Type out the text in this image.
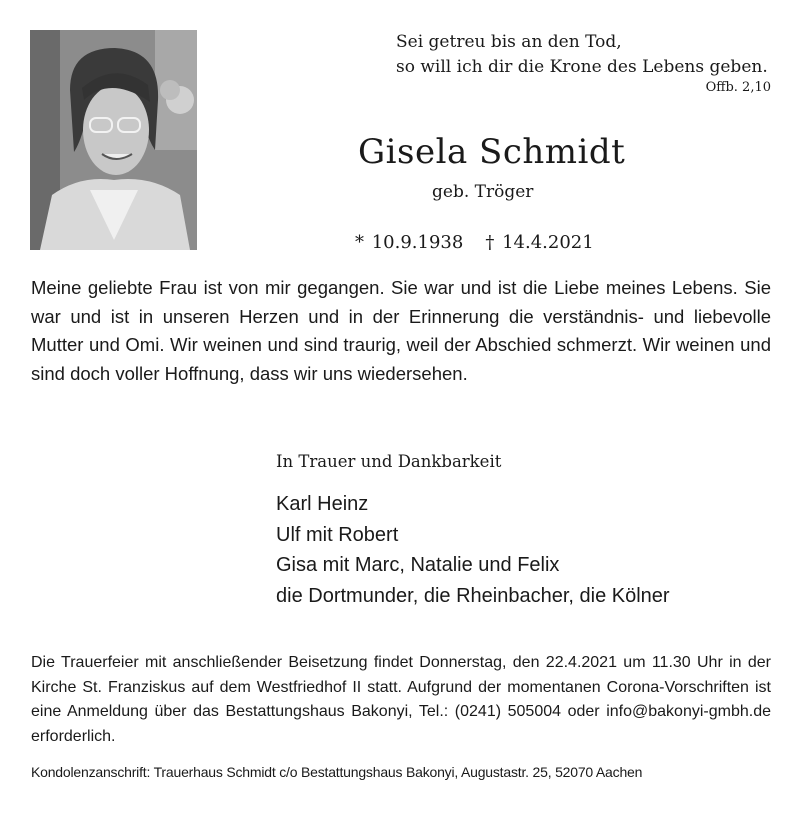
Sei getreu bis an den Tod,
so will ich dir die Krone des Lebens geben.
Offb. 2,10
Gisela Schmidt
geb. Tröger
* 10.9.1938 † 14.4.2021
Meine geliebte Frau ist von mir gegangen. Sie war und ist die Liebe meines Lebens. Sie war und ist in unseren Herzen und in der Erinnerung die verständnis- und liebevolle Mutter und Omi. Wir weinen und sind traurig, weil der Abschied schmerzt. Wir weinen und sind doch voller Hoffnung, dass wir uns wiedersehen.
In Trauer und Dankbarkeit
Karl Heinz
Ulf mit Robert
Gisa mit Marc, Natalie und Felix
die Dortmunder, die Rheinbacher, die Kölner
Die Trauerfeier mit anschließender Beisetzung findet Donnerstag, den 22.4.2021 um 11.30 Uhr in der Kirche St. Franziskus auf dem Westfriedhof II statt. Aufgrund der momentanen Corona-Vorschriften ist eine Anmeldung über das Bestattungshaus Bakonyi, Tel.: (0241) 505004 oder info@bakonyi-gmbh.de erforderlich.
Kondolenzanschrift: Trauerhaus Schmidt c/o Bestattungshaus Bakonyi, Augustastr. 25, 52070 Aachen
